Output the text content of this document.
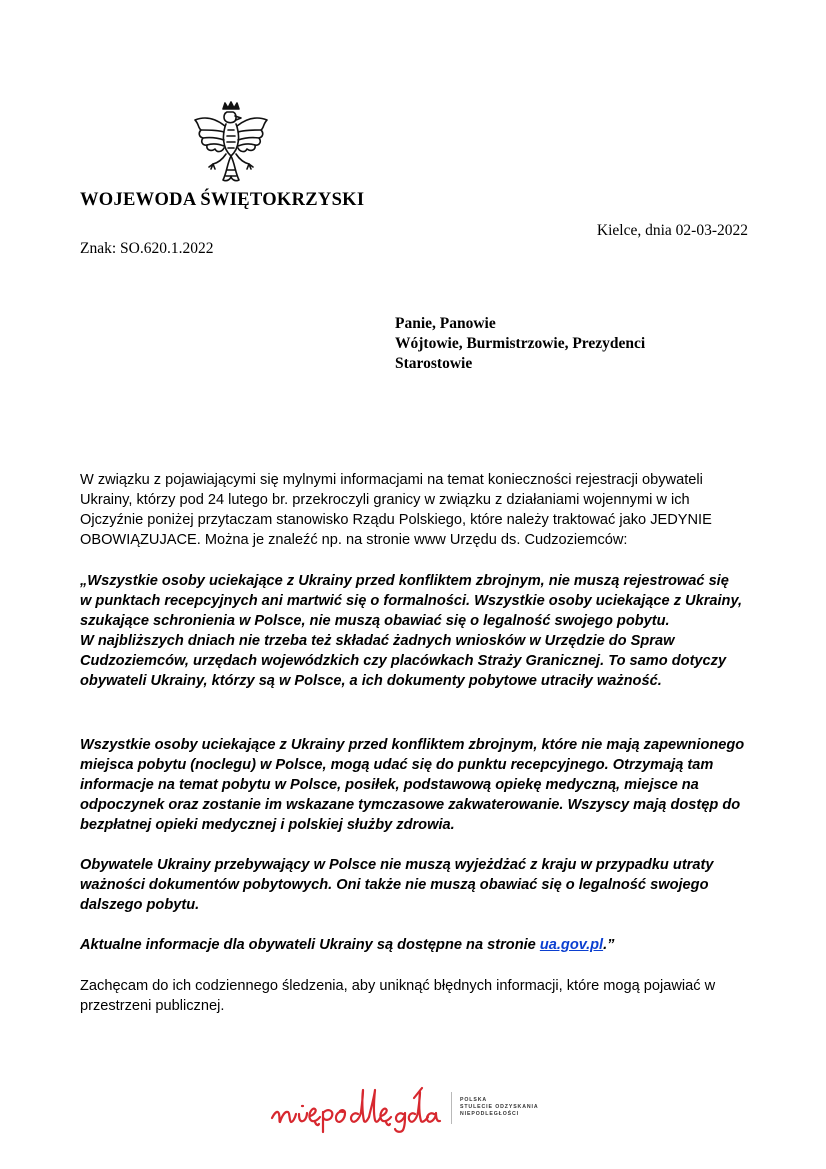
WOJEWODA ŚWIĘTOKRZYSKI
Kielce, dnia 02-03-2022
Znak: SO.620.1.2022
Panie, Panowie
Wójtowie, Burmistrzowie, Prezydenci
Starostowie
W związku z pojawiającymi się mylnymi informacjami na temat konieczności rejestracji obywateli
Ukrainy, którzy pod 24 lutego br. przekroczyli granicy w związku z działaniami wojennymi w ich
Ojczyźnie poniżej przytaczam stanowisko Rządu Polskiego, które należy traktować jako JEDYNIE
OBOWIĄZUJACE. Można je znaleźć np. na stronie www Urzędu ds. Cudzoziemców:
„Wszystkie osoby uciekające z Ukrainy przed konfliktem zbrojnym, nie muszą rejestrować się
w punktach recepcyjnych ani martwić się o formalności. Wszystkie osoby uciekające z Ukrainy,
szukające schronienia w Polsce, nie muszą obawiać się o legalność swojego pobytu.
W najbliższych dniach nie trzeba też składać żadnych wniosków w Urzędzie do Spraw
Cudzoziemców, urzędach wojewódzkich czy placówkach Straży Granicznej. To samo dotyczy
obywateli Ukrainy, którzy są w Polsce, a ich dokumenty pobytowe utraciły ważność.
Wszystkie osoby uciekające z Ukrainy przed konfliktem zbrojnym, które nie mają zapewnionego
miejsca pobytu (noclegu) w Polsce, mogą udać się do punktu recepcyjnego. Otrzymają tam
informacje na temat pobytu w Polsce, posiłek, podstawową opiekę medyczną, miejsce na
odpoczynek oraz zostanie im wskazane tymczasowe zakwaterowanie. Wszyscy mają dostęp do
bezpłatnej opieki medycznej i polskiej służby zdrowia.
Obywatele Ukrainy przebywający w Polsce nie muszą wyjeżdżać z kraju w przypadku utraty
ważności dokumentów pobytowych. Oni także nie muszą obawiać się o legalność swojego
dalszego pobytu.
Aktualne informacje dla obywateli Ukrainy są dostępne na stronie ua.gov.pl.”
Zachęcam do ich codziennego śledzenia, aby uniknąć błędnych informacji, które mogą pojawiać w
przestrzeni publicznej.
POLSKA
STULECIE ODZYSKANIA
NIEPODLEGŁOŚCI
